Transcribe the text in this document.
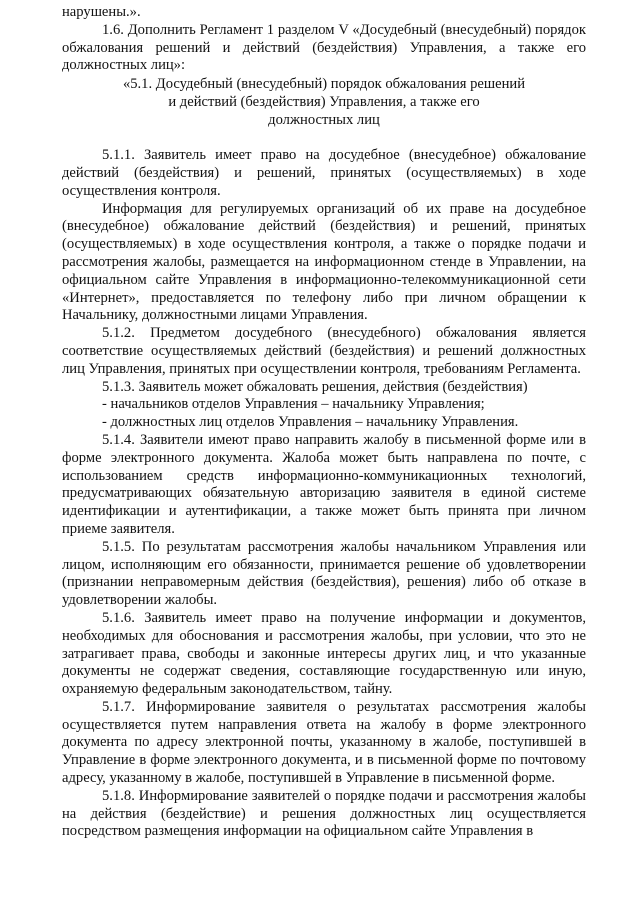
нарушены.».

1.6. Дополнить Регламент 1 разделом V «Досудебный (внесудебный) порядок обжалования решений и действий (бездействия) Управления, а также его должностных лиц»:

«5.1. Досудебный (внесудебный) порядок обжалования решений
и действий (бездействия) Управления, а также его
должностных лиц

5.1.1. Заявитель имеет право на досудебное (внесудебное) обжалование действий (бездействия) и решений, принятых (осуществляемых) в ходе осуществления контроля.

Информация для регулируемых организаций об их праве на досудебное (внесудебное) обжалование действий (бездействия) и решений, принятых (осуществляемых) в ходе осуществления контроля, а также о порядке подачи и рассмотрения жалобы, размещается на информационном стенде в Управлении, на официальном сайте Управления в информационно-телекоммуникационной сети «Интернет», предоставляется по телефону либо при личном обращении к Начальнику, должностными лицами Управления.

5.1.2. Предметом досудебного (внесудебного) обжалования является соответствие осуществляемых действий (бездействия) и решений должностных лиц Управления, принятых при осуществлении контроля, требованиям Регламента.

5.1.3. Заявитель может обжаловать решения, действия (бездействия)

- начальников отделов Управления – начальнику Управления;

- должностных лиц отделов Управления – начальнику Управления.

5.1.4. Заявители имеют право направить жалобу в письменной форме или в форме электронного документа. Жалоба может быть направлена по почте, с использованием средств информационно-коммуникационных технологий, предусматривающих обязательную авторизацию заявителя в единой системе идентификации и аутентификации, а также может быть принята при личном приеме заявителя.

5.1.5. По результатам рассмотрения жалобы начальником Управления или лицом, исполняющим его обязанности, принимается решение об удовлетворении (признании неправомерным действия (бездействия), решения) либо об отказе в удовлетворении жалобы.

5.1.6. Заявитель имеет право на получение информации и документов, необходимых для обоснования и рассмотрения жалобы, при условии, что это не затрагивает права, свободы и законные интересы других лиц, и что указанные документы не содержат сведения, составляющие государственную или иную, охраняемую федеральным законодательством, тайну.

5.1.7. Информирование заявителя о результатах рассмотрения жалобы осуществляется путем направления ответа на жалобу в форме электронного документа по адресу электронной почты, указанному в жалобе, поступившей в Управление в форме электронного документа, и в письменной форме по почтовому адресу, указанному в жалобе, поступившей в Управление в письменной форме.

5.1.8. Информирование заявителей о порядке подачи и рассмотрения жалобы на действия (бездействие) и решения должностных лиц осуществляется посредством размещения информации на официальном сайте Управления в
